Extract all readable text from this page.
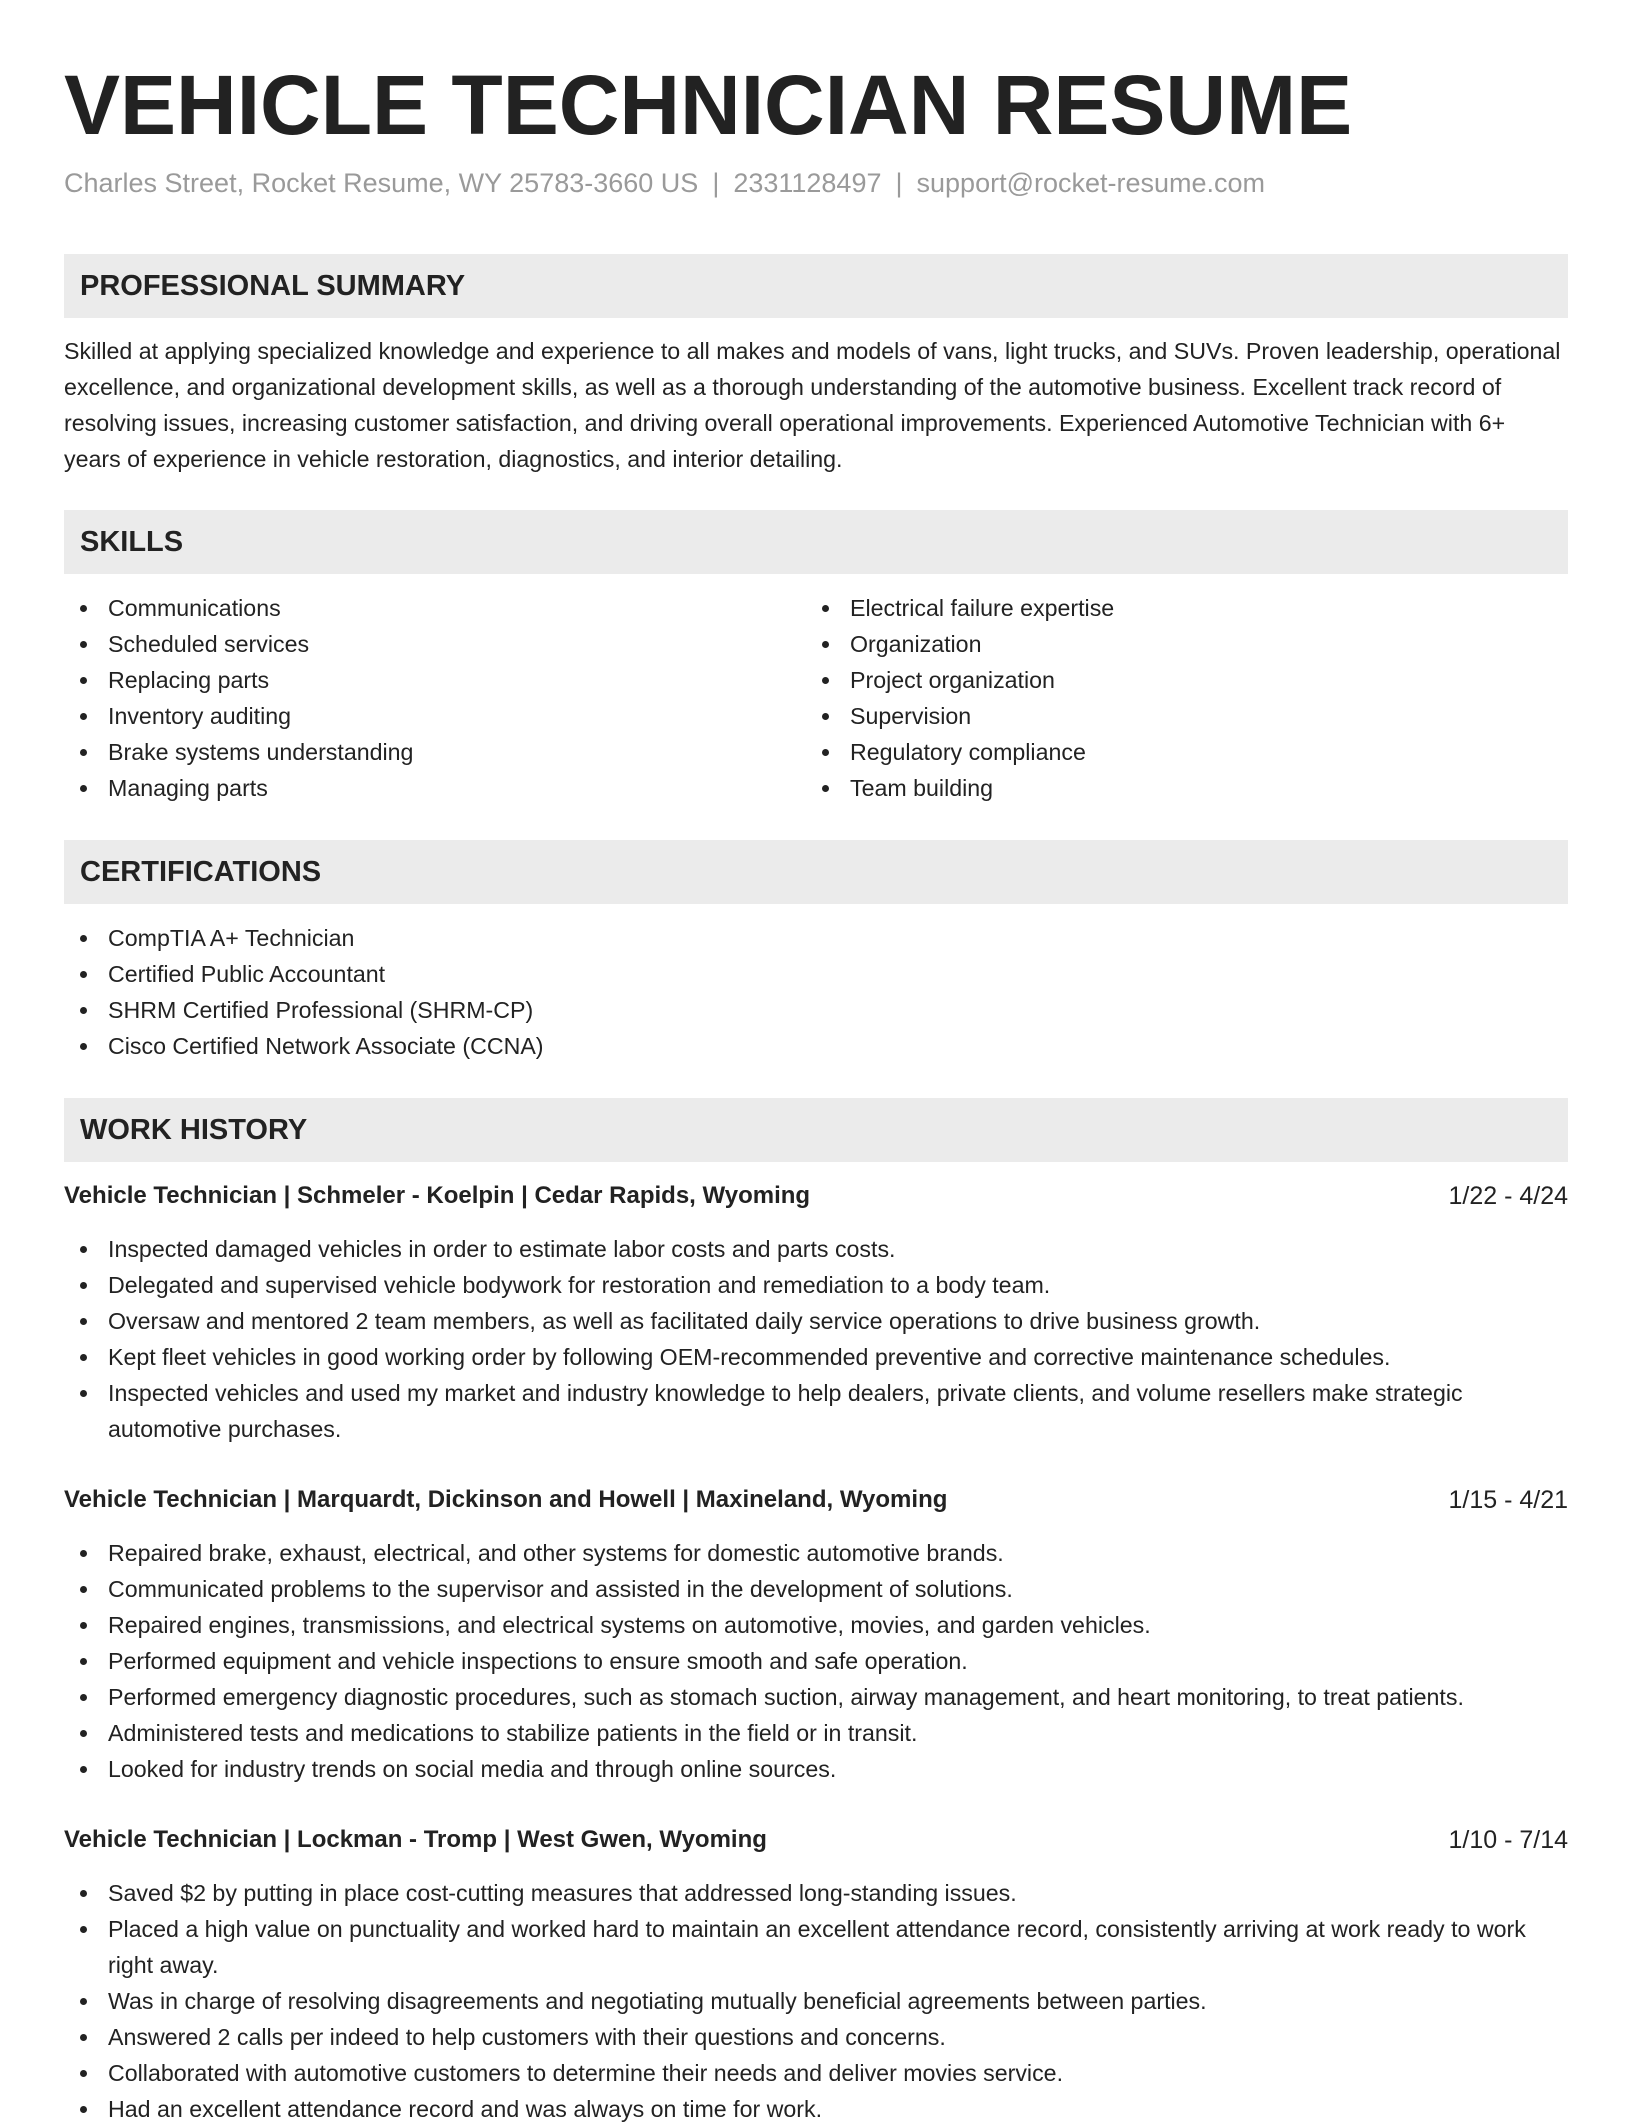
VEHICLE TECHNICIAN RESUME
Charles Street, Rocket Resume, WY 25783-3660 US | 2331128497 | support@rocket-resume.com
PROFESSIONAL SUMMARY

Skilled at applying specialized knowledge and experience to all makes and models of vans, light trucks, and SUVs. Proven leadership, operational excellence, and organizational development skills, as well as a thorough understanding of the automotive business. Excellent track record of resolving issues, increasing customer satisfaction, and driving overall operational improvements. Experienced Automotive Technician with 6+ years of experience in vehicle restoration, diagnostics, and interior detailing.

SKILLS
Communications
Scheduled services
Replacing parts
Inventory auditing
Brake systems understanding
Managing parts
Electrical failure expertise
Organization
Project organization
Supervision
Regulatory compliance
Team building
CERTIFICATIONS
CompTIA A+ Technician
Certified Public Accountant
SHRM Certified Professional (SHRM-CP)
Cisco Certified Network Associate (CCNA)
WORK HISTORY
Vehicle Technician | Schmeler - Koelpin | Cedar Rapids, Wyoming	1/22 - 4/24
Inspected damaged vehicles in order to estimate labor costs and parts costs.
Delegated and supervised vehicle bodywork for restoration and remediation to a body team.
Oversaw and mentored 2 team members, as well as facilitated daily service operations to drive business growth.
Kept fleet vehicles in good working order by following OEM-recommended preventive and corrective maintenance schedules.
Inspected vehicles and used my market and industry knowledge to help dealers, private clients, and volume resellers make strategic automotive purchases.
Vehicle Technician | Marquardt, Dickinson and Howell | Maxineland, Wyoming	1/15 - 4/21
Repaired brake, exhaust, electrical, and other systems for domestic automotive brands.
Communicated problems to the supervisor and assisted in the development of solutions.
Repaired engines, transmissions, and electrical systems on automotive, movies, and garden vehicles.
Performed equipment and vehicle inspections to ensure smooth and safe operation.
Performed emergency diagnostic procedures, such as stomach suction, airway management, and heart monitoring, to treat patients.
Administered tests and medications to stabilize patients in the field or in transit.
Looked for industry trends on social media and through online sources.
Vehicle Technician | Lockman - Tromp | West Gwen, Wyoming	1/10 - 7/14
Saved $2 by putting in place cost-cutting measures that addressed long-standing issues.
Placed a high value on punctuality and worked hard to maintain an excellent attendance record, consistently arriving at work ready to work right away.
Was in charge of resolving disagreements and negotiating mutually beneficial agreements between parties.
Answered 2 calls per indeed to help customers with their questions and concerns.
Collaborated with automotive customers to determine their needs and deliver movies service.
Had an excellent attendance record and was always on time for work.
